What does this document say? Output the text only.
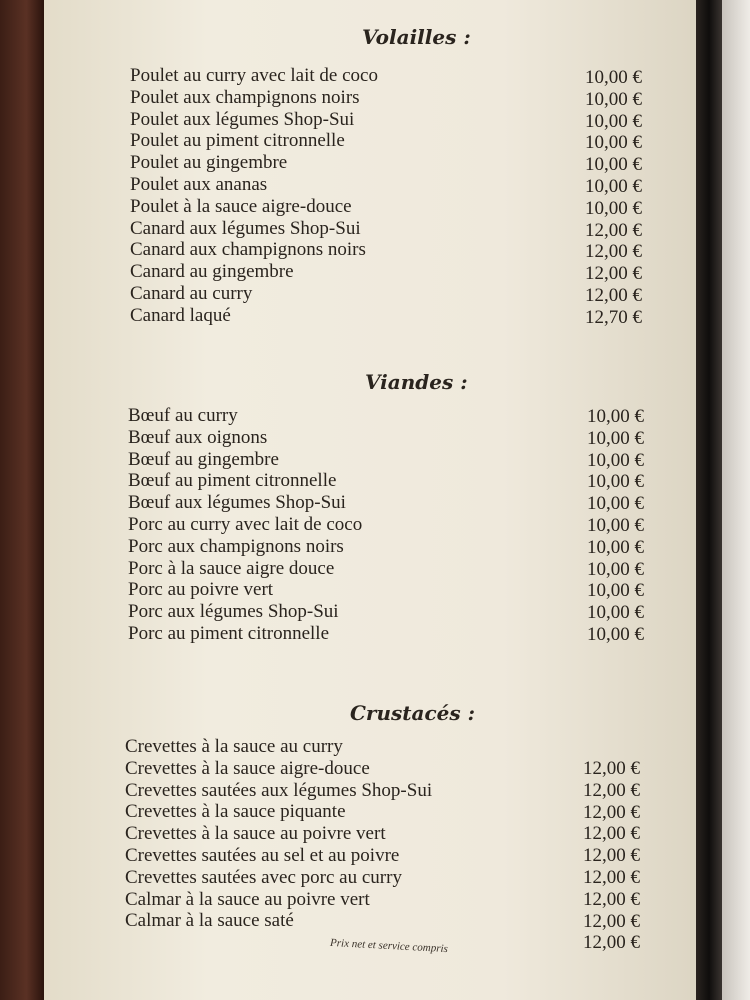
Volailles :
Poulet au curry avec lait de coco
Poulet aux champignons noirs
Poulet aux légumes Shop-Sui
Poulet au piment citronnelle
Poulet au gingembre
Poulet aux ananas
Poulet à la sauce aigre-douce
Canard aux légumes Shop-Sui
Canard aux champignons noirs
Canard au gingembre
Canard au curry
Canard laqué
10,00 €
10,00 €
10,00 €
10,00 €
10,00 €
10,00 €
10,00 €
12,00 €
12,00 €
12,00 €
12,00 €
12,70 €
Viandes :
Bœuf au curry
Bœuf aux oignons
Bœuf au gingembre
Bœuf au piment citronnelle
Bœuf aux légumes Shop-Sui
Porc au curry avec lait de coco
Porc aux champignons noirs
Porc à la sauce aigre douce
Porc au poivre vert
Porc aux légumes Shop-Sui
Porc au piment citronnelle
10,00 €
10,00 €
10,00 €
10,00 €
10,00 €
10,00 €
10,00 €
10,00 €
10,00 €
10,00 €
10,00 €
Crustacés :
Crevettes à la sauce au curry
Crevettes à la sauce aigre-douce
Crevettes sautées aux légumes Shop-Sui
Crevettes à la sauce piquante
Crevettes à la sauce au poivre vert
Crevettes sautées au sel et au poivre
Crevettes sautées avec porc au curry
Calmar à la sauce au poivre vert
Calmar à la sauce saté
12,00 €
12,00 €
12,00 €
12,00 €
12,00 €
12,00 €
12,00 €
12,00 €
12,00 €
Prix net et service compris
